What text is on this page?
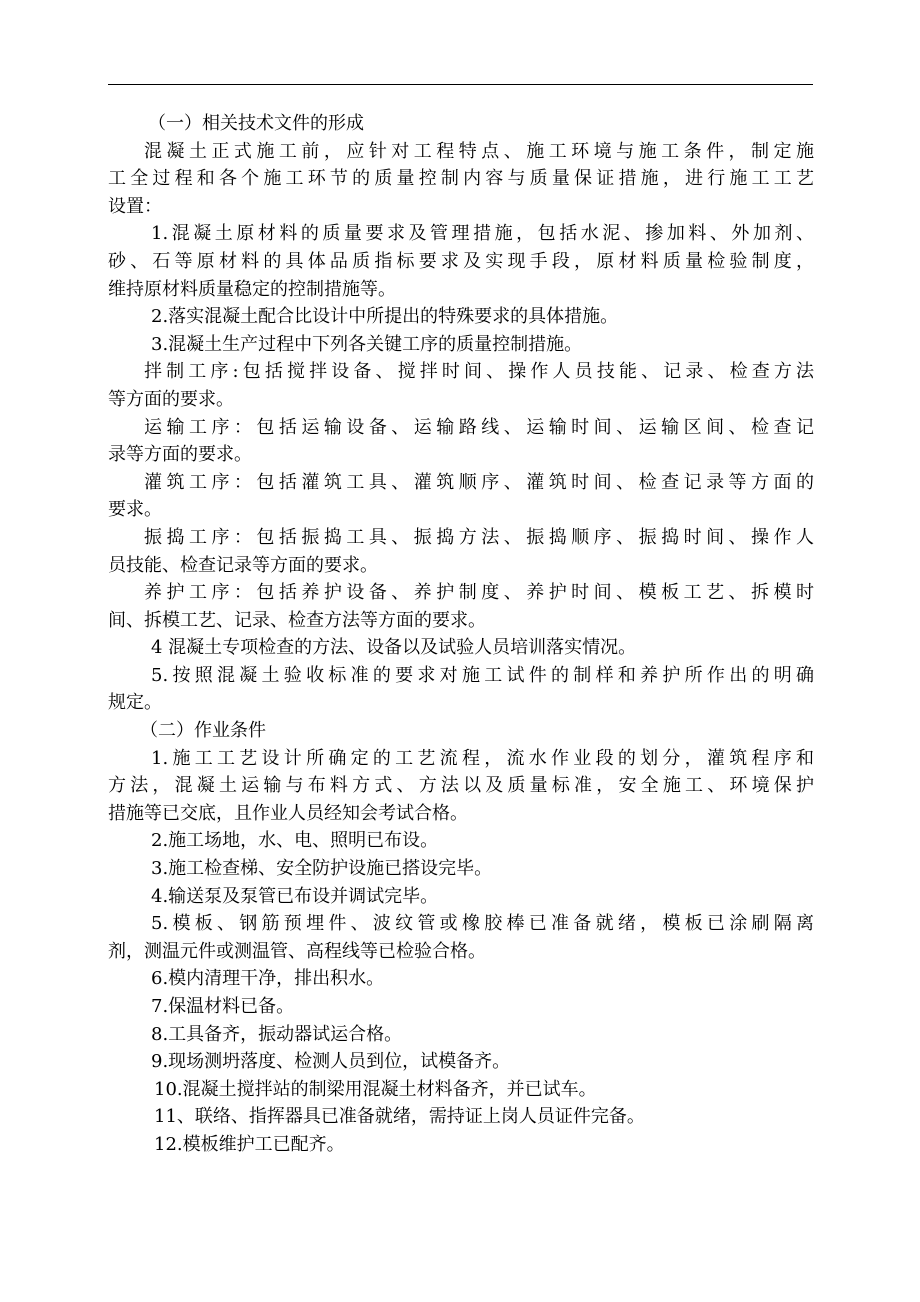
（一）相关技术文件的形成
混凝土正式施工前，应针对工程特点、施工环境与施工条件，制定施
工全过程和各个施工环节的质量控制内容与质量保证措施，进行施工工艺
设置：
1.混凝土原材料的质量要求及管理措施，包括水泥、掺加料、外加剂、
砂、石等原材料的具体品质指标要求及实现手段，原材料质量检验制度，
维持原材料质量稳定的控制措施等。
2.落实混凝土配合比设计中所提出的特殊要求的具体措施。
3.混凝土生产过程中下列各关键工序的质量控制措施。
拌制工序:包括搅拌设备、搅拌时间、操作人员技能、记录、检查方法
等方面的要求。
运输工序：包括运输设备、运输路线、运输时间、运输区间、检查记
录等方面的要求。
灌筑工序：包括灌筑工具、灌筑顺序、灌筑时间、检查记录等方面的
要求。
振捣工序：包括振捣工具、振捣方法、振捣顺序、振捣时间、操作人
员技能、检查记录等方面的要求。
养护工序：包括养护设备、养护制度、养护时间、模板工艺、拆模时
间、拆模工艺、记录、检查方法等方面的要求。
4 混凝土专项检查的方法、设备以及试验人员培训落实情况。
5.按照混凝土验收标准的要求对施工试件的制样和养护所作出的明确
规定。
（二）作业条件
1.施工工艺设计所确定的工艺流程，流水作业段的划分，灌筑程序和
方法，混凝土运输与布料方式、方法以及质量标准，安全施工、环境保护
措施等已交底，且作业人员经知会考试合格。
2.施工场地，水、电、照明已布设。
3.施工检查梯、安全防护设施已搭设完毕。
4.输送泵及泵管已布设并调试完毕。
5.模板、钢筋预埋件、波纹管或橡胶棒已准备就绪，模板已涂刷隔离
剂，测温元件或测温管、高程线等已检验合格。
6.模内清理干净，排出积水。
7.保温材料已备。
8.工具备齐，振动器试运合格。
9.现场测坍落度、检测人员到位，试模备齐。
10.混凝土搅拌站的制梁用混凝土材料备齐，并已试车。
11、联络、指挥器具已准备就绪，需持证上岗人员证件完备。
12.模板维护工已配齐。
